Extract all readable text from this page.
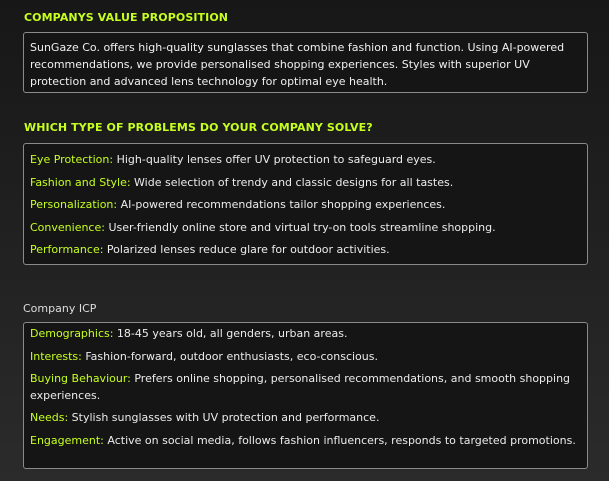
COMPANYS VALUE PROPOSITION
SunGaze Co. offers high-quality sunglasses that combine fashion and function. Using AI-powered recommendations, we provide personalised shopping experiences. Styles with superior UV protection and advanced lens technology for optimal eye health.
WHICH TYPE OF PROBLEMS DO YOUR COMPANY SOLVE?
Eye Protection: High-quality lenses offer UV protection to safeguard eyes.
Fashion and Style: Wide selection of trendy and classic designs for all tastes.
Personalization: AI-powered recommendations tailor shopping experiences.
Convenience: User-friendly online store and virtual try-on tools streamline shopping.
Performance: Polarized lenses reduce glare for outdoor activities.
Company ICP
Demographics: 18-45 years old, all genders, urban areas.
Interests: Fashion-forward, outdoor enthusiasts, eco-conscious.
Buying Behaviour: Prefers online shopping, personalised recommendations, and smooth shopping experiences.
Needs: Stylish sunglasses with UV protection and performance.
Engagement: Active on social media, follows fashion influencers, responds to targeted promotions.
